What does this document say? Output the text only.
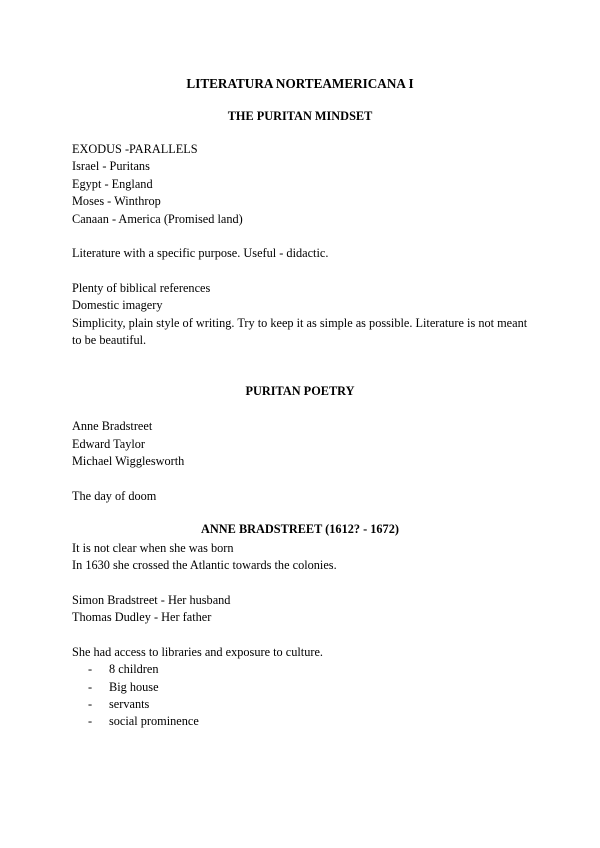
LITERATURA NORTEAMERICANA I
THE PURITAN MINDSET
EXODUS -PARALLELS
Israel - Puritans
Egypt - England
Moses - Winthrop
Canaan - America (Promised land)
Literature with a specific purpose. Useful - didactic.
Plenty of biblical references
Domestic imagery
Simplicity, plain style of writing. Try to keep it as simple as possible. Literature is not meant to be beautiful.
PURITAN POETRY
Anne Bradstreet
Edward Taylor
Michael Wigglesworth
The day of doom
ANNE BRADSTREET (1612? - 1672)
It is not clear when she was born
In 1630 she crossed the Atlantic towards the colonies.
Simon Bradstreet - Her husband
Thomas Dudley - Her father
She had access to libraries and exposure to culture.
- 8 children
- Big house
- servants
- social prominence
